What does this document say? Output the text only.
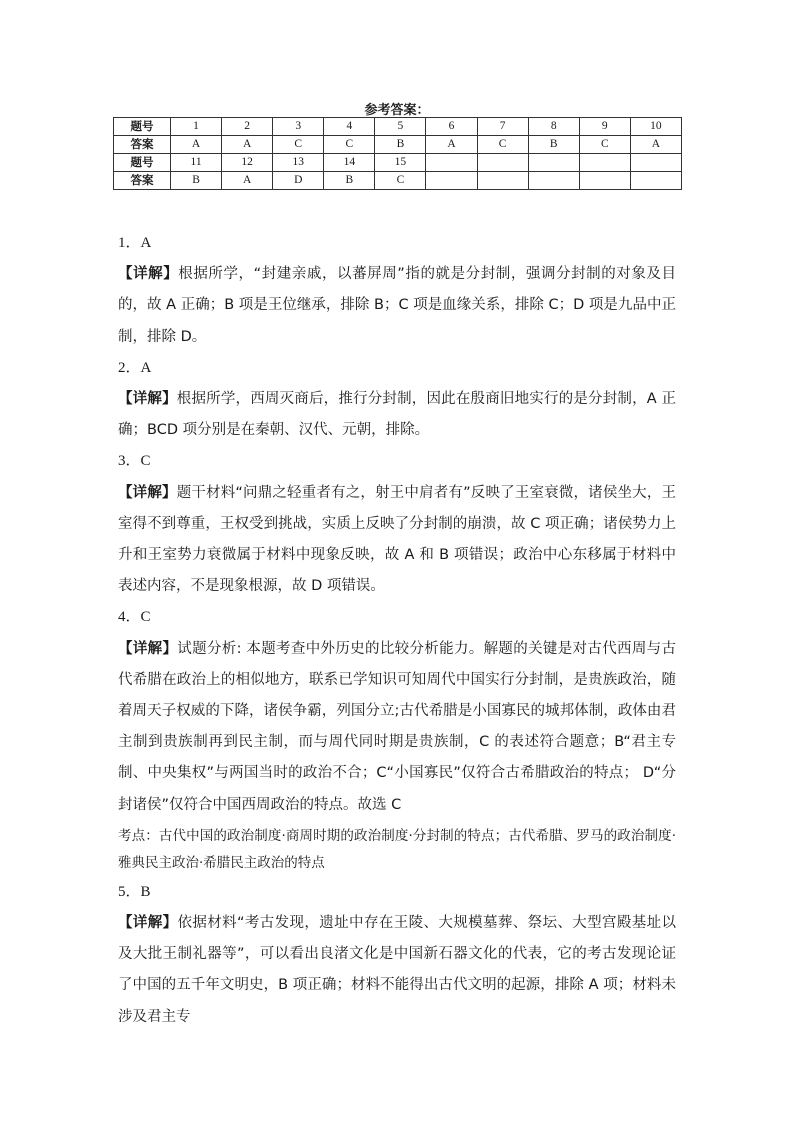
参考答案：
题号	1	2	3	4	5	6	7	8	9	10
答案	A	A	C	C	B	A	C	B	C	A
题号	11	12	13	14	15					
答案	B	A	D	B	C					

1．A

【详解】根据所学，“封建亲戚，以蕃屏周”指的就是分封制，强调分封制的对象及目的，故 A 正确；B 项是王位继承，排除 B；C 项是血缘关系，排除 C；D 项是九品中正制，排除 D。

2．A

【详解】根据所学，西周灭商后，推行分封制，因此在殷商旧地实行的是分封制，A 正确；BCD 项分别是在秦朝、汉代、元朝，排除。

3．C

【详解】题干材料“问鼎之轻重者有之，射王中肩者有”反映了王室衰微，诸侯坐大，王室得不到尊重，王权受到挑战，实质上反映了分封制的崩溃，故 C 项正确；诸侯势力上升和王室势力衰微属于材料中现象反映，故 A 和 B 项错误；政治中心东移属于材料中表述内容，不是现象根源，故 D 项错误。

4．C

【详解】试题分析: 本题考查中外历史的比较分析能力。解题的关键是对古代西周与古代希腊在政治上的相似地方，联系已学知识可知周代中国实行分封制，是贵族政治，随着周天子权威的下降，诸侯争霸，列国分立;古代希腊是小国寡民的城邦体制，政体由君主制到贵族制再到民主制，而与周代同时期是贵族制，C 的表述符合题意；B“君主专制、中央集权”与两国当时的政治不合；C“小国寡民”仅符合古希腊政治的特点； D“分封诸侯”仅符合中国西周政治的特点。故选 C

考点：古代中国的政治制度·商周时期的政治制度·分封制的特点；古代希腊、罗马的政治制度·雅典民主政治·希腊民主政治的特点

5．B

【详解】依据材料“考古发现，遗址中存在王陵、大规模墓葬、祭坛、大型宫殿基址以及大批王制礼器等”，可以看出良渚文化是中国新石器文化的代表，它的考古发现论证了中国的五千年文明史，B 项正确；材料不能得出古代文明的起源，排除 A 项；材料未涉及君主专
